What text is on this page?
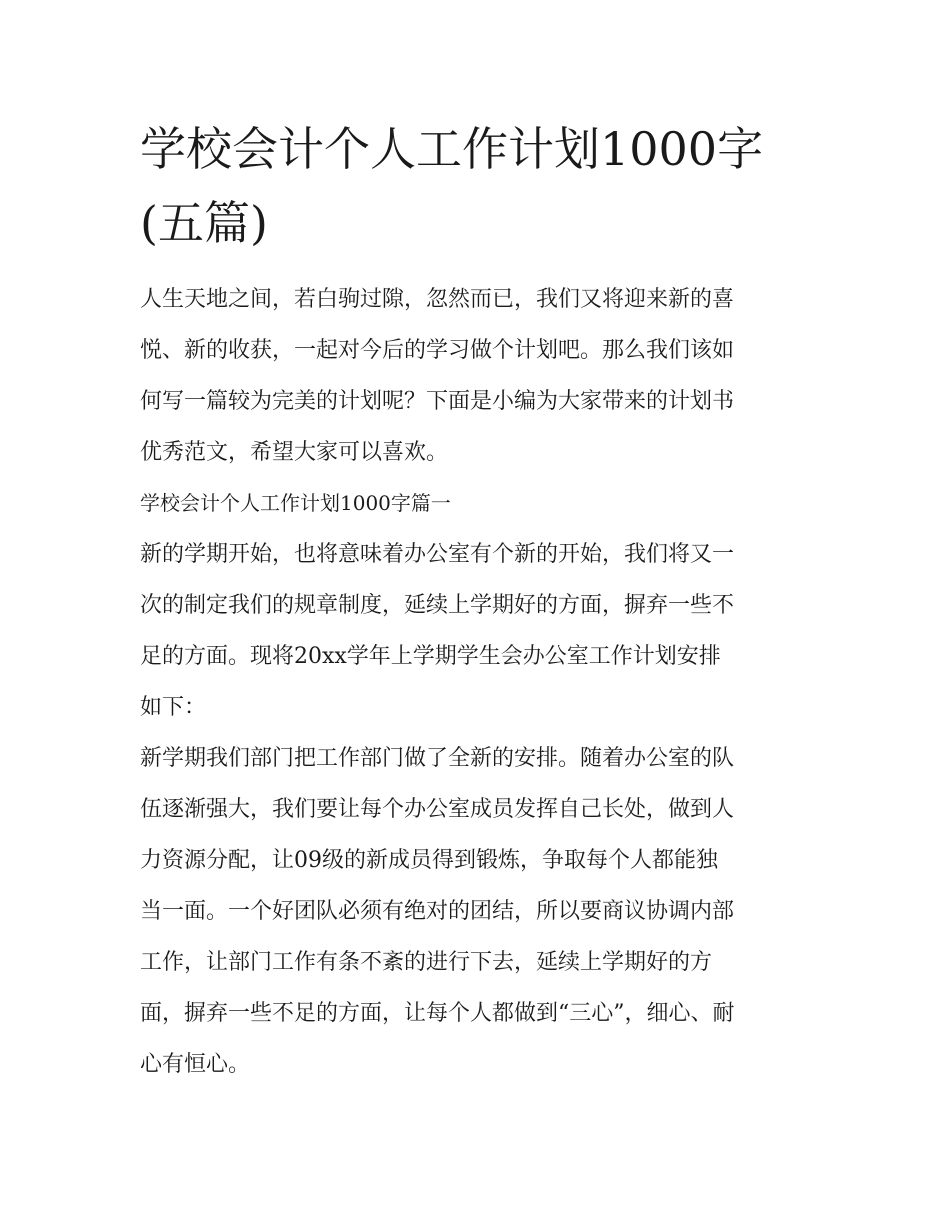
学校会计个人工作计划1000字
(五篇)
人生天地之间，若白驹过隙，忽然而已，我们又将迎来新的喜
悦、新的收获，一起对今后的学习做个计划吧。那么我们该如
何写一篇较为完美的计划呢？下面是小编为大家带来的计划书
优秀范文，希望大家可以喜欢。
学校会计个人工作计划1000字篇一
新的学期开始，也将意味着办公室有个新的开始，我们将又一
次的制定我们的规章制度，延续上学期好的方面，摒弃一些不
足的方面。现将20xx学年上学期学生会办公室工作计划安排
如下：
新学期我们部门把工作部门做了全新的安排。随着办公室的队
伍逐渐强大，我们要让每个办公室成员发挥自己长处，做到人
力资源分配，让09级的新成员得到锻炼，争取每个人都能独
当一面。一个好团队必须有绝对的团结，所以要商议协调内部
工作，让部门工作有条不紊的进行下去，延续上学期好的方
面，摒弃一些不足的方面，让每个人都做到“三心”，细心、耐
心有恒心。
